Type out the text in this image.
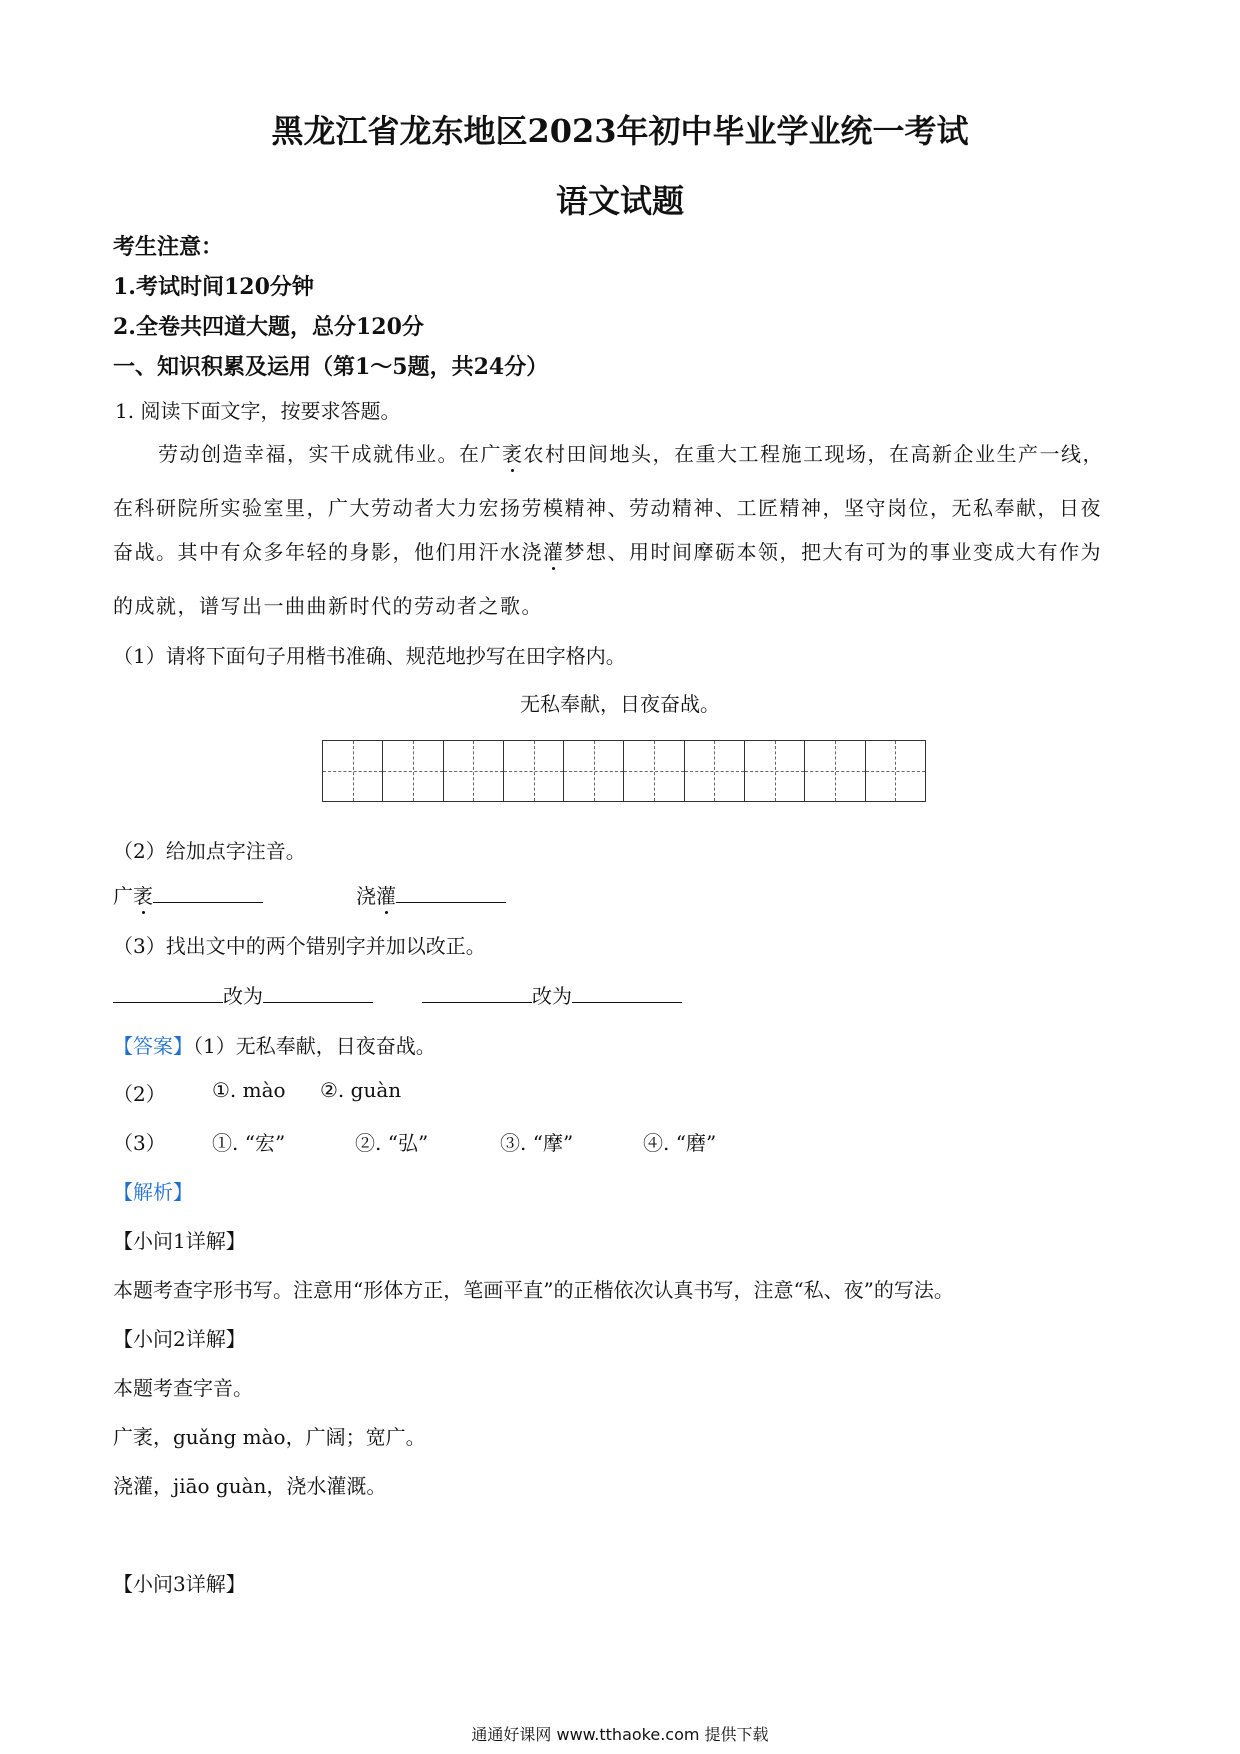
黑龙江省龙东地区2023年初中毕业学业统一考试
语文试题
考生注意：
1.考试时间120分钟
2.全卷共四道大题，总分120分
一、知识积累及运用（第1～5题，共24分）
1. 阅读下面文字，按要求答题。
劳动创造幸福，实干成就伟业。在广袤农村田间地头，在重大工程施工现场，在高新企业生产一线，
在科研院所实验室里，广大劳动者大力宏扬劳模精神、劳动精神、工匠精神，坚守岗位，无私奉献，日夜
奋战。其中有众多年轻的身影，他们用汗水浇灌梦想、用时间摩砺本领，把大有可为的事业变成大有作为
的成就，谱写出一曲曲新时代的劳动者之歌。
（1）请将下面句子用楷书准确、规范地抄写在田字格内。
无私奉献，日夜奋战。
（2）给加点字注音。
广袤	浇灌
（3）找出文中的两个错别字并加以改正。
改为	改为
【答案】（1）无私奉献，日夜奋战。
（2） ①. mào ②. guàn
（3） ①. “宏”	②. “弘”	③. “摩”	④. “磨”
【解析】
【小问1详解】
本题考查字形书写。注意用“形体方正，笔画平直”的正楷依次认真书写，注意“私、夜”的写法。
【小问2详解】
本题考查字音。
广袤，guǎng mào，广阔；宽广。
浇灌，jiāo guàn，浇水灌溉。
【小问3详解】
通通好课网 www.tthaoke.com 提供下载
